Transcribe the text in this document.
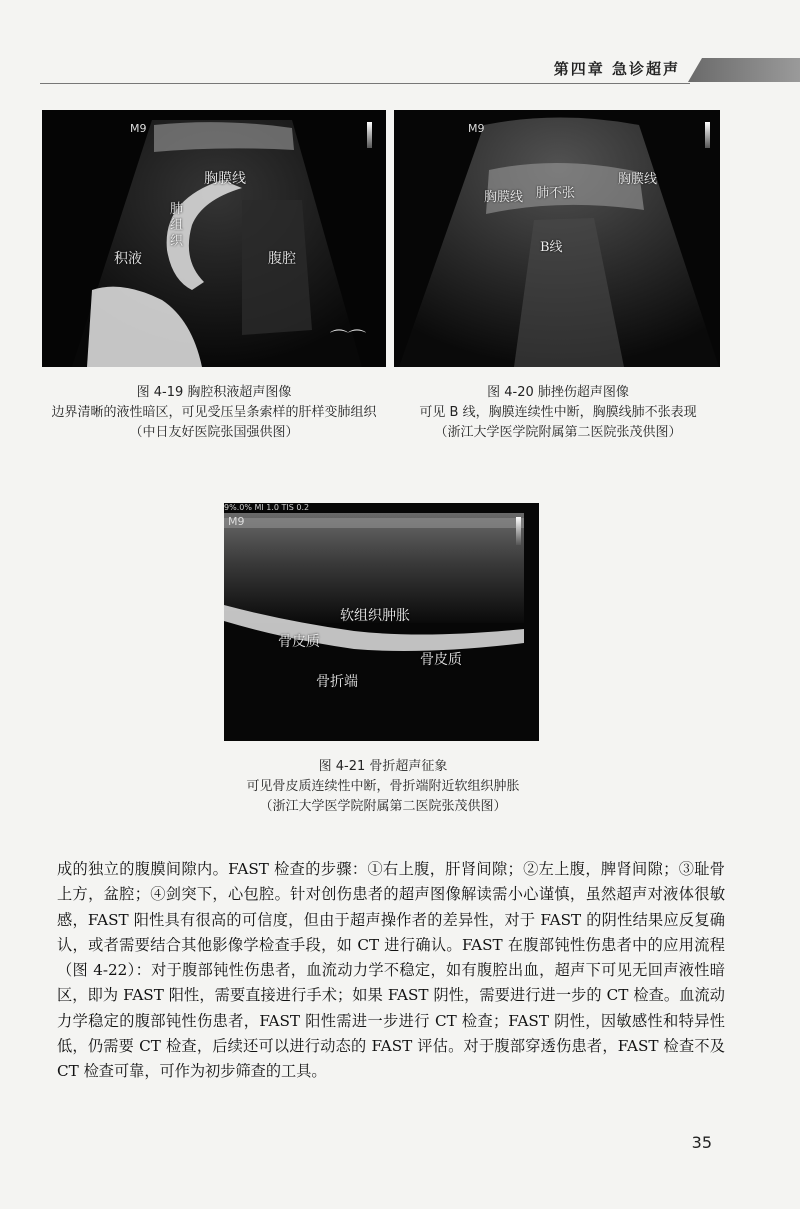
第四章 急诊超声
M9
胸膜线
肺组织
积液	腹腔
⌒⌒
图 4-19 胸腔积液超声图像
边界清晰的液性暗区，可见受压呈条索样的肝样变肺组织
（中日友好医院张国强供图）
M9
胸膜线 肺不张
胸膜线
B线
图 4-20 肺挫伤超声图像
可见 B 线，胸膜连续性中断，胸膜线肺不张表现
（浙江大学医学院附属第二医院张茂供图）
9%.0% MI 1.0 TIS 0.2
M9
软组织肿胀
骨皮质
骨皮质
骨折端
图 4-21 骨折超声征象
可见骨皮质连续性中断，骨折端附近软组织肿胀
（浙江大学医学院附属第二医院张茂供图）
成的独立的腹膜间隙内。FAST 检查的步骤：①右上腹，肝肾间隙；②左上腹，脾肾间隙；③耻骨上方，盆腔；④剑突下，心包腔。针对创伤患者的超声图像解读需小心谨慎，虽然超声对液体很敏感，FAST 阳性具有很高的可信度，但由于超声操作者的差异性，对于 FAST 的阴性结果应反复确认，或者需要结合其他影像学检查手段，如 CT 进行确认。FAST 在腹部钝性伤患者中的应用流程（图 4-22）：对于腹部钝性伤患者，血流动力学不稳定，如有腹腔出血，超声下可见无回声液性暗区，即为 FAST 阳性，需要直接进行手术；如果 FAST 阴性，需要进行进一步的 CT 检查。血流动力学稳定的腹部钝性伤患者，FAST 阳性需进一步进行 CT 检查；FAST 阴性，因敏感性和特异性低，仍需要 CT 检查，后续还可以进行动态的 FAST 评估。对于腹部穿透伤患者，FAST 检查不及 CT 检查可靠，可作为初步筛查的工具。
35
